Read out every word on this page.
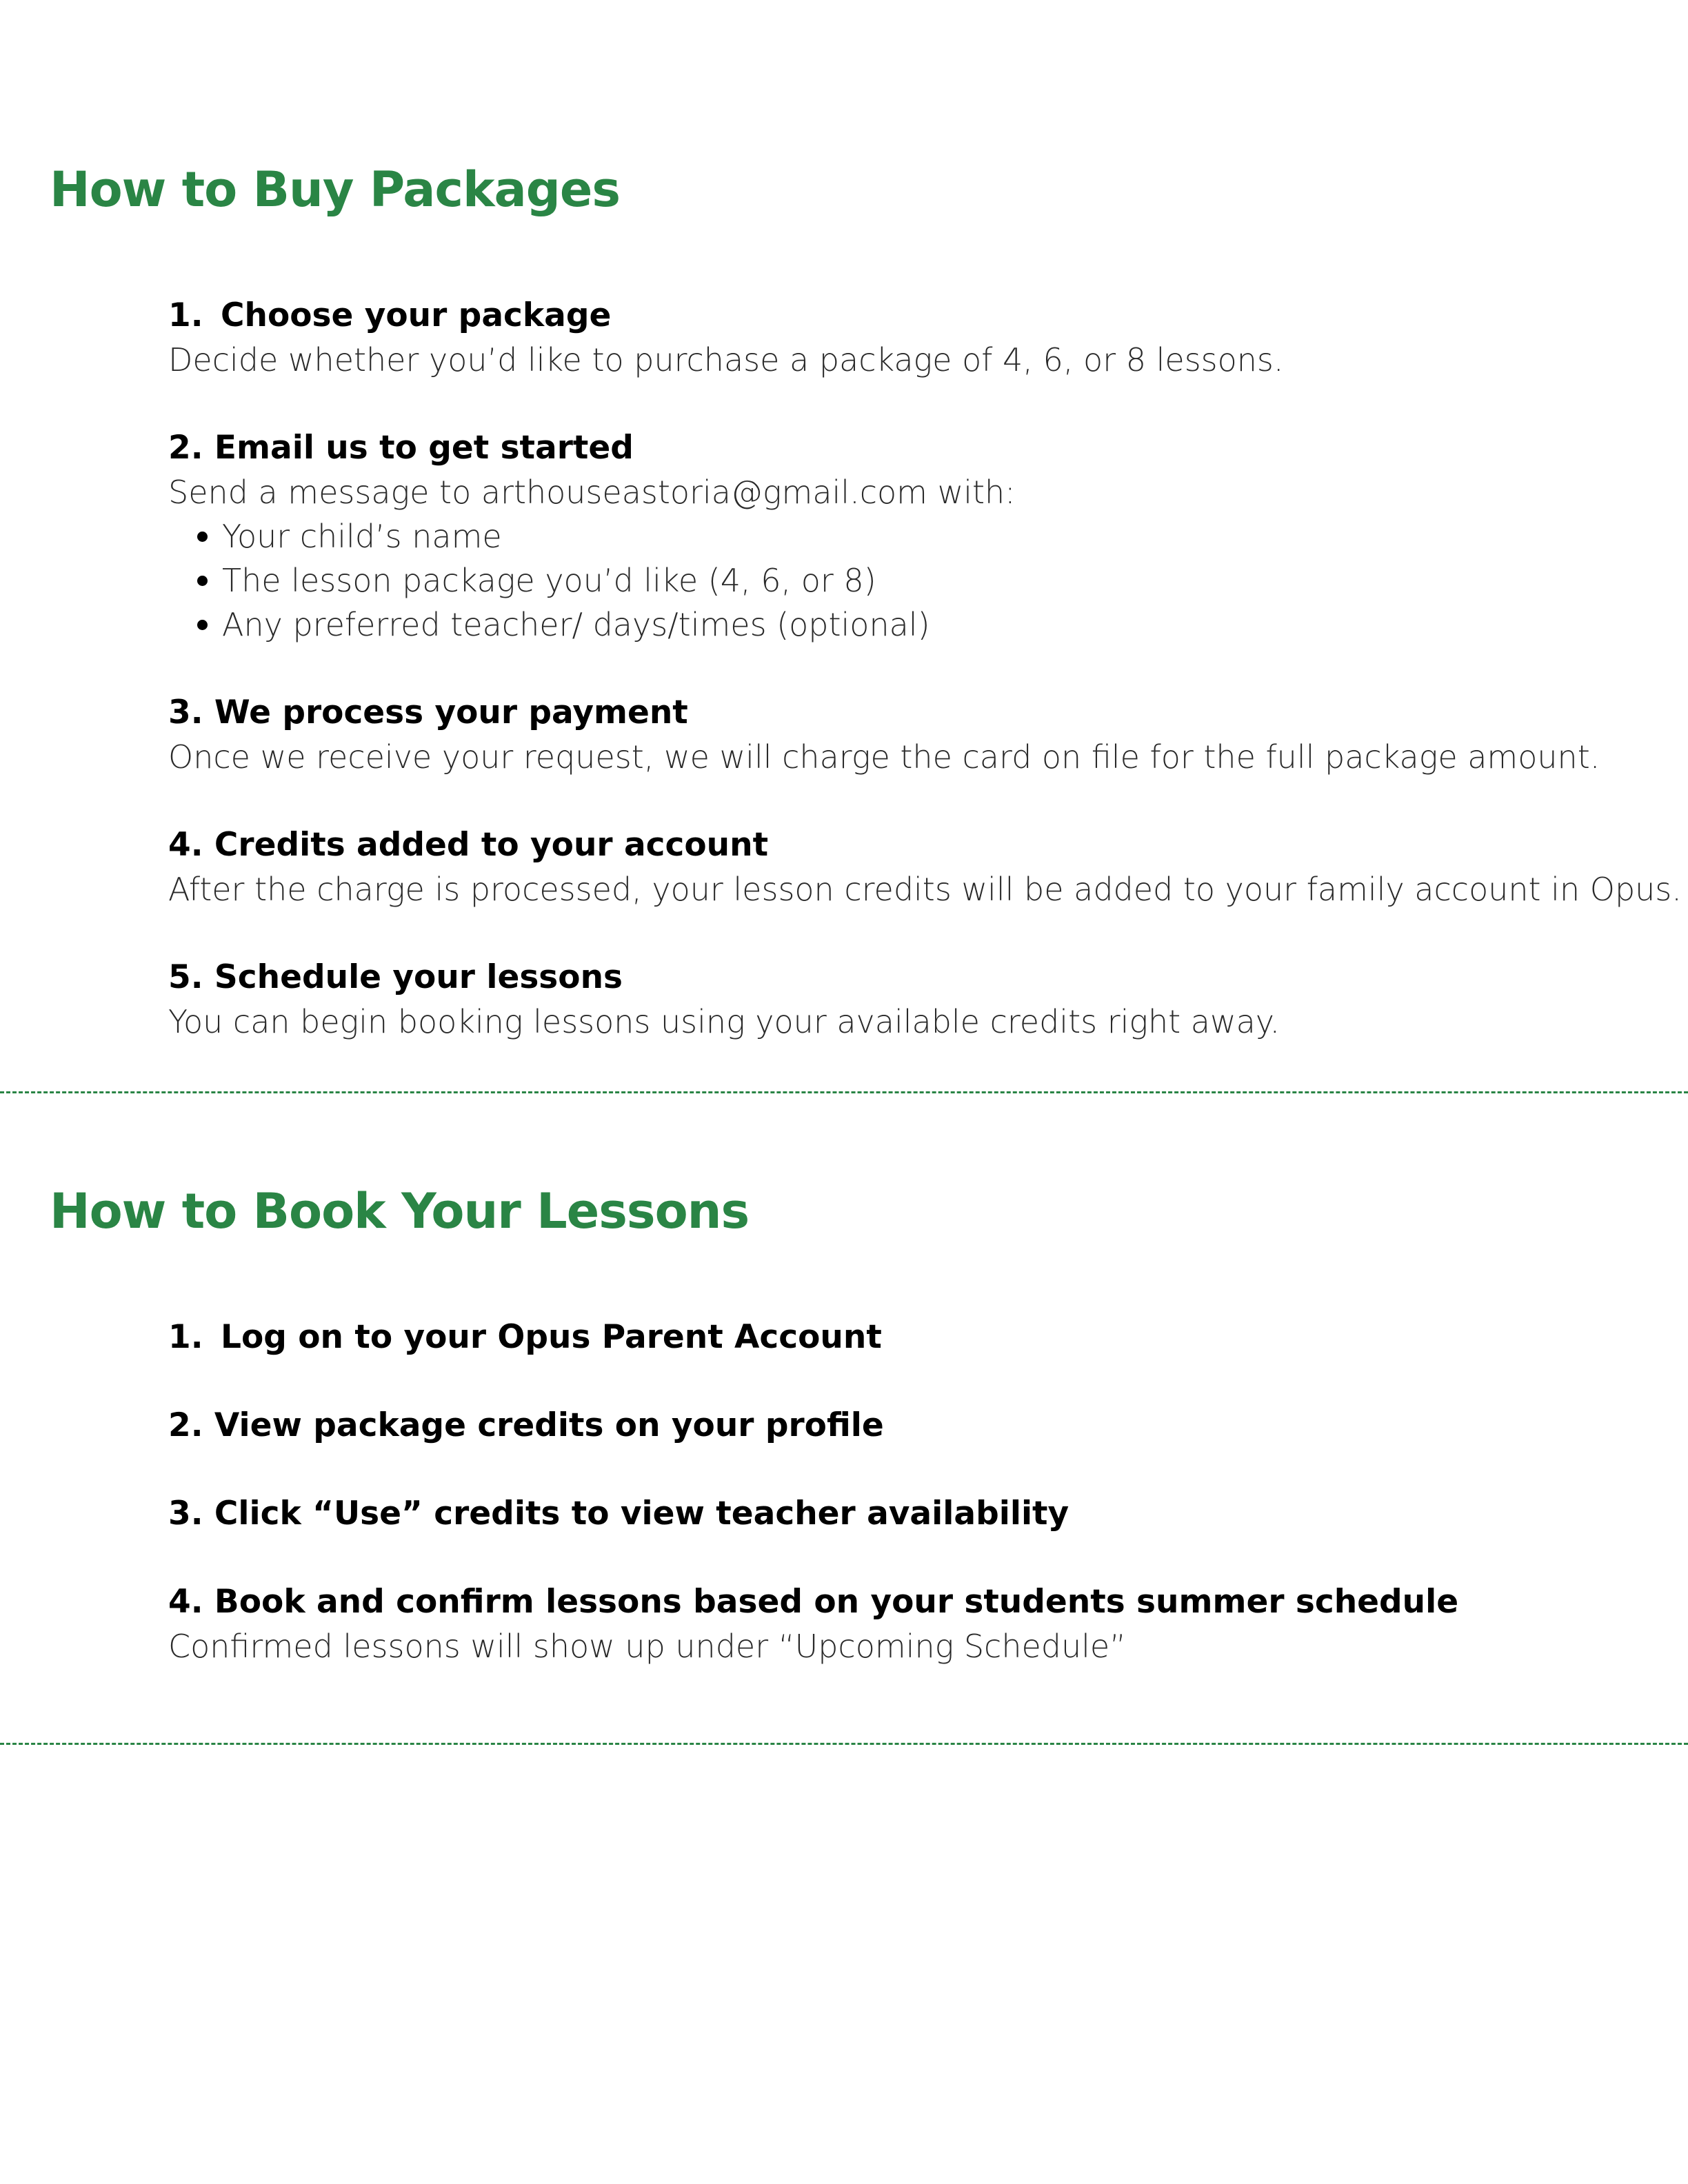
How to Buy Packages
1. Choose your package
Decide whether you’d like to purchase a package of 4, 6, or 8 lessons.
2. Email us to get started
Send a message to arthouseastoria@gmail.com with:
Your child’s name
The lesson package you’d like (4, 6, or 8)
Any preferred teacher/ days/times (optional)
3. We process your payment
Once we receive your request, we will charge the card on file for the full package amount.
4. Credits added to your account
After the charge is processed, your lesson credits will be added to your family account in Opus.
5. Schedule your lessons
You can begin booking lessons using your available credits right away.
How to Book Your Lessons
1. Log on to your Opus Parent Account
2. View package credits on your profile
3. Click “Use” credits to view teacher availability
4. Book and confirm lessons based on your students summer schedule
Confirmed lessons will show up under “Upcoming Schedule”
